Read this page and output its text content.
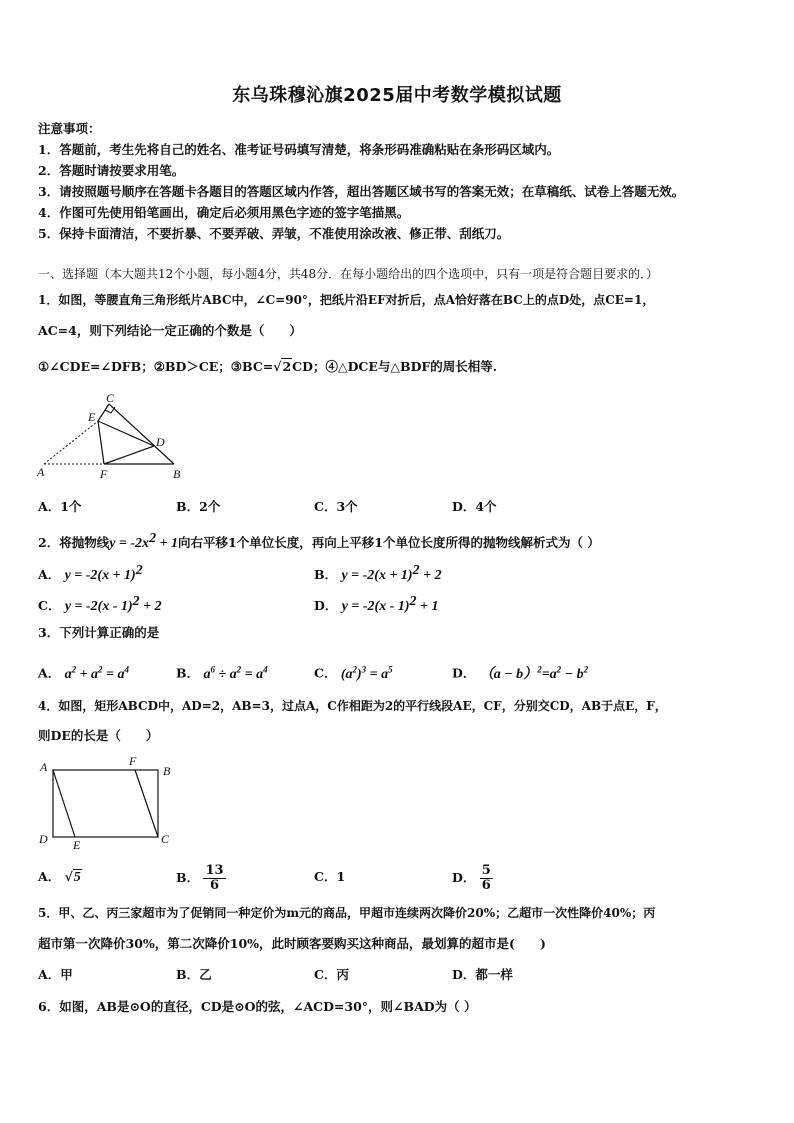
东乌珠穆沁旗2025届中考数学模拟试题
注意事项：
1．答题前，考生先将自己的姓名、准考证号码填写清楚，将条形码准确粘贴在条形码区域内。
2．答题时请按要求用笔。
3．请按照题号顺序在答题卡各题目的答题区域内作答，超出答题区域书写的答案无效；在草稿纸、试卷上答题无效。
4．作图可先使用铅笔画出，确定后必须用黑色字迹的签字笔描黑。
5．保持卡面清洁，不要折暴、不要弄破、弄皱，不准使用涂改液、修正带、刮纸刀。
一、选择题（本大题共12个小题，每小题4分，共48分．在每小题给出的四个选项中，只有一项是符合题目要求的．）
1．如图，等腰直角三角形纸片ABC中，∠C=90°，把纸片沿EF对折后，点A恰好落在BC上的点D处，点CE=1，
AC=4，则下列结论一定正确的个数是（　　）
①∠CDE=∠DFB；②BD＞CE；③BC=√2CD；④△DCE与△BDF的周长相等.
C
E
D
A	F	B
A．1个	B．2个	C．3个	D．4个
2．将抛物线$y = -2x^2 + 1$向右平移1个单位长度，再向上平移1个单位长度所得的抛物线解析式为（ ）
A． $y = -2(x + 1)^2$	B． $y = -2(x + 1)^2 + 2$
C． y = -2(x - 1)$^2$ + 2	D． y = -2(x - 1)$^2$ + 1
3．下列计算正确的是
A． $a^2 + a^2 = a^4$	B． $a^6 \div a^2 = a^4$	C． $(a^2)^3 = a^5$	D． $(a - b)^2=a^2 - b^2$
4．如图，矩形ABCD中，AD=2，AB=3，过点A，C作相距为2的平行线段AE，CF，分别交CD，AB于点E，F，
则DE的长是（　　）
A	F
B
D E	C
A． √5	B． $\frac{13}{6}$	C．1	D． $\frac{5}{6}$
5．甲、乙、丙三家超市为了促销同一种定价为m元的商品，甲超市连续两次降价20%；乙超市一次性降价40%；丙
超市第一次降价30%，第二次降价10%，此时顾客要购买这种商品，最划算的超市是(　　)
A．甲	B．乙	C．丙	D．都一样
6．如图，AB是⊙O的直径，CD是⊙O的弦，∠ACD=30°，则∠BAD为（ ）
